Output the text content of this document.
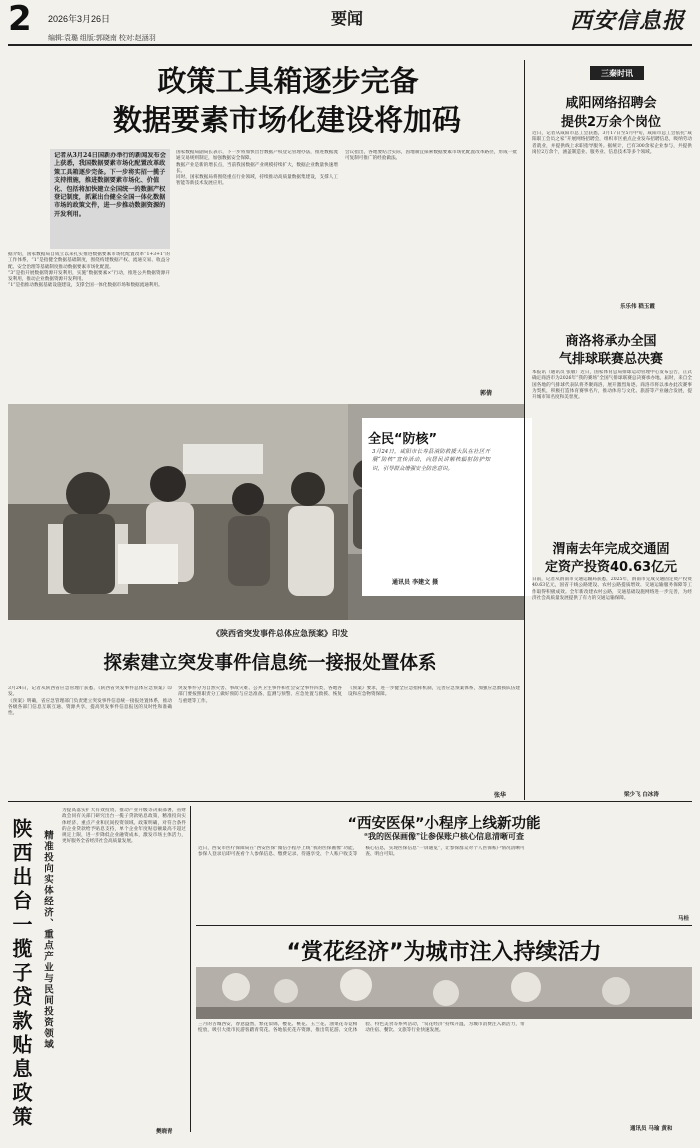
2 2026年3月26日	要闻	西安信息报
编辑:袁璐 组版:郭晓南 校对:赵涵羽
政策工具箱逐步完备
数据要素市场化建设将加码
记者从3月24日国新办举行的新闻发布会上获悉，我国数据要素市场化配置改革政策工具箱逐步完备。下一步将实招一揽子支持措施，推进数据要素市场化、价值化、包括将加快建立全国统一的数据产权登记制度，抓紧出台健全全国一体化数据市场的政策文件，进一步推动数据资源的开发利用。

据介绍，国家数据局自成立以来扎实推进数据要素市场化配置改革“1+3+1”的工作体系，“1”是指健全数据基础制度，围绕构建数据产权、流通交易、收益分配、安全治理等基础制度推动数据要素市场化配置。

“3”是指开展数据资源开发利用，实施“数据要素×”行动，推进公共数据资源开发利用，推动企业数据资源开发利用。

“1”是指推动数据基础设施建设，支撑全国一体化数据市场和数据流通利用。

国家数据局副局长表示，下一步将加快出台数据产权登记管理办法，推进数据流通交易规则制定，加强数据安全保障。

数据产业是新的增长点，当前我国数据产业规模持续扩大，数据企业数量快速增长。

同时，国家数据局将围绕重点行业领域，持续推动高质量数据集建设，支撑人工智能等新技术发展应用。

会议指出，各地要结合实际，因地制宜探索数据要素市场化配置改革路径，形成一批可复制可推广的经验做法。

郭倩
全民“防核”
3月24日，咸阳市长寿县消防救援大队在社区开展“防核”宣传活动，向居民讲解核辐射防护知识，引导群众增强安全防范意识。
通讯员 李建文 摄
《陕西省突发事件总体应急预案》印发
探索建立突发事件信息统一接报处置体系

3月24日，记者从陕西省应急管理厅获悉，《陕西省突发事件总体应急预案》印发。

《预案》明确，省应急管理部门负责建立突发事件信息统一接报处置体系，推动各级各部门信息互联互通、资源共享，提高突发事件信息报送的及时性和准确性。

突发事件分为自然灾害、事故灾难、公共卫生事件和社会安全事件四类，各地各部门要按照职责分工做好预防与应急准备、监测与预警、应急处置与救援、恢复与重建等工作。

《预案》要求，进一步健全应急指挥机制，完善应急预案体系，加强应急救援队伍建设和应急物资保障。

张华
三秦时讯
咸阳网络招聘会
提供2万余个岗位
近日，记者从咸阳市总工会获悉，3月17日至5月中旬，咸阳市总工会依托“咸阳职工会员之家”开展网络招聘会，组织市区重点企业发布招聘信息，吸纳劳动者就业，并提供线上求职指导服务。据统计，已有300余家企业参与，共提供岗位2万余个，涵盖制造业、服务业、信息技术等多个领域。
乐乐伟 嵇玉霞
商洛将承办全国
气排球联赛总决赛
本报讯（通讯员 张敏）近日，国家体育总局排球运动管理中心发布公告，正式确定商洛市为2026年“我的赛场”全国气排球联赛总决赛承办地。届时，来自全国各地的气排球代表队将齐聚商洛，展开激烈角逐。商洛市将以承办此次赛事为契机，积极打造体育赛事名片，推动体育与文化、旅游等产业融合发展，提升城市知名度和美誉度。
渭南去年完成交通固
定资产投资40.63亿元
日前，记者从渭南市交通运输局获悉，2025年，渭南市完成交通固定资产投资40.63亿元，国省干线公路建设、农村公路提质增效、交通运输服务保障等工作取得积极成效。全年新改建农村公路，交通基础设施网络进一步完善，为经济社会高质量发展提供了有力的交通运输保障。
梁少飞 白冰涛
陕西出台一揽子贷款贴息政策 精准投向实体经济、重点产业与民间投资领域
为提高落实扩大有效投资、推动产业升级等决策部署，省财政会同有关部门研究出台一揽子贷款贴息政策，精准投向实体经济、重点产业和民间投资领域。政策明确，对符合条件的企业贷款给予贴息支持，单个企业年度贴息额最高不超过规定上限，进一步降低企业融资成本，激发市场主体活力，更好服务全省经济社会高质量发展。
樊晓青
“西安医保”小程序上线新功能
“我的医保画像”让参保账户核心信息清晰可查
近日，西安市医疗保障局在“西安医保”微信小程序上线“我的医保画像”功能，参保人登录后即可查看个人参保信息、缴费记录、待遇享受、个人账户收支等核心信息，实现医保信息“一屏通览”，让参保群众对个人医保账户情况清晰可查、明白可知。
马桂
“赏花经济”为城市注入持续活力
三月的古城西安，春意盎然，繁花似锦，樱花、桃花、玉兰花、油菜花等竞相绽放，吸引大批市民游客踏青赏花。各地依托花卉资源，推出赏花游、文化体验、特色美食等系列活动，“赏花经济”持续升温，为城市消费注入新活力，带动住宿、餐饮、文旅等行业快速发展。
通讯员 马瑜 黄和
